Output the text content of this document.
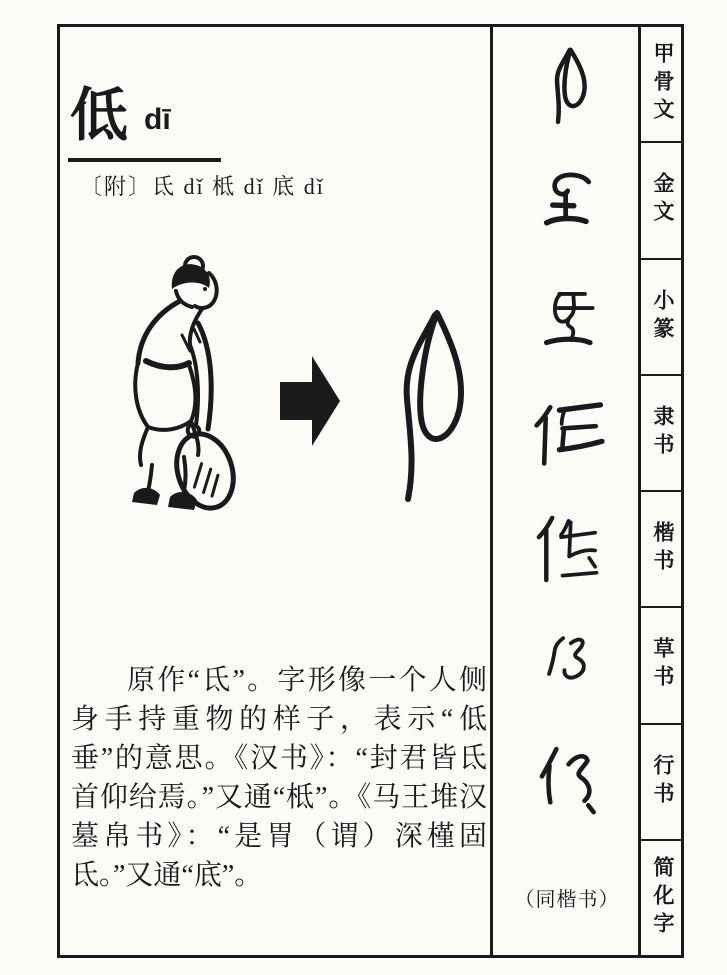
低 dī
〔附〕氐 dǐ 柢 dǐ 底 dǐ

原作“氐”。字形像一个人侧身手持重物的样子，表示“低垂”的意思。《汉书》：“封君皆氐首仰给焉。”又通“柢”。《马王堆汉墓帛书》：“是胃（谓）深槿固氐。”又通“底”。

（同楷书）
甲骨文
金文
小篆
隶书
楷书
草书
行书
简化字
